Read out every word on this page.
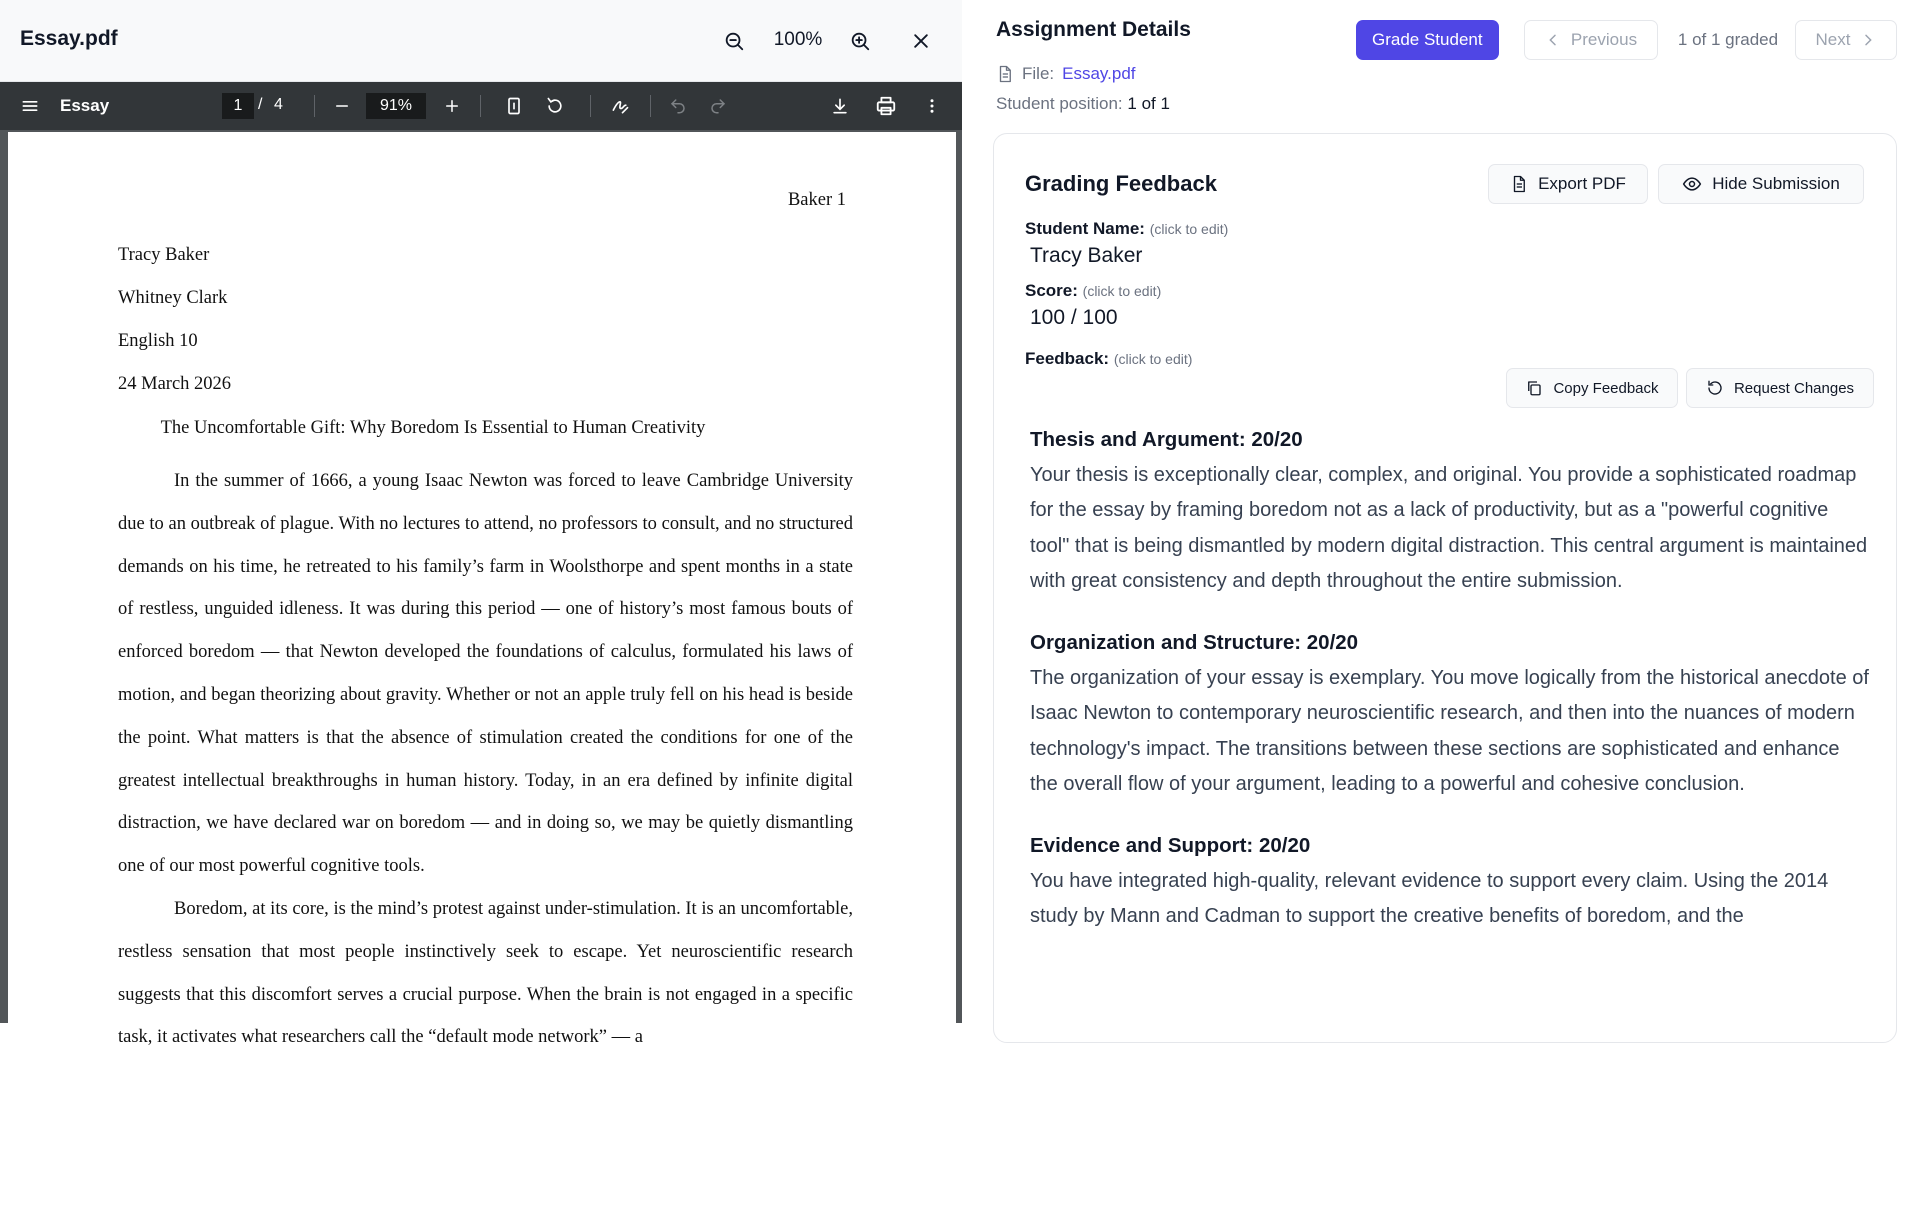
Essay.pdf	100%
Essay
1	/ 4
91%
Baker 1
Tracy Baker
Whitney Clark
English 10
24 March 2026
The Uncomfortable Gift: Why Boredom Is Essential to Human Creativity

In the summer of 1666, a young Isaac Newton was forced to leave Cambridge University due to an outbreak of plague. With no lectures to attend, no professors to consult, and no structured demands on his time, he retreated to his family’s farm in Woolsthorpe and spent months in a state of restless, unguided idleness. It was during this period — one of history’s most famous bouts of enforced boredom — that Newton developed the foundations of calculus, formulated his laws of motion, and began theorizing about gravity. Whether or not an apple truly fell on his head is beside the point. What matters is that the absence of stimulation created the conditions for one of the greatest intellectual breakthroughs in human history. Today, in an era defined by infinite digital distraction, we have declared war on boredom — and in doing so, we may be quietly dismantling one of our most powerful cognitive tools.

Boredom, at its core, is the mind’s protest against under-stimulation. It is an uncomfortable, restless sensation that most people instinctively seek to escape. Yet neuroscientific research suggests that this discomfort serves a crucial purpose. When the brain is not engaged in a specific task, it activates what researchers call the “default mode network” — a

Assignment Details
File: Essay.pdf
Student position: 1 of 1
Grade Student	Previous	1 of 1 graded	Next
Grading Feedback	Export PDF	Hide Submission
Student Name: (click to edit)
Tracy Baker
Score: (click to edit)
100 / 100
Feedback: (click to edit)
Copy Feedback	Request Changes
Thesis and Argument: 20/20
Your thesis is exceptionally clear, complex, and original. You provide a sophisticated roadmap for the essay by framing boredom not as a lack of productivity, but as a "powerful cognitive tool" that is being dismantled by modern digital distraction. This central argument is maintained with great consistency and depth throughout the entire submission.
Organization and Structure: 20/20
The organization of your essay is exemplary. You move logically from the historical anecdote of Isaac Newton to contemporary neuroscientific research, and then into the nuances of modern technology's impact. The transitions between these sections are sophisticated and enhance the overall flow of your argument, leading to a powerful and cohesive conclusion.
Evidence and Support: 20/20
You have integrated high-quality, relevant evidence to support every claim. Using the 2014 study by Mann and Cadman to support the creative benefits of boredom, and the
